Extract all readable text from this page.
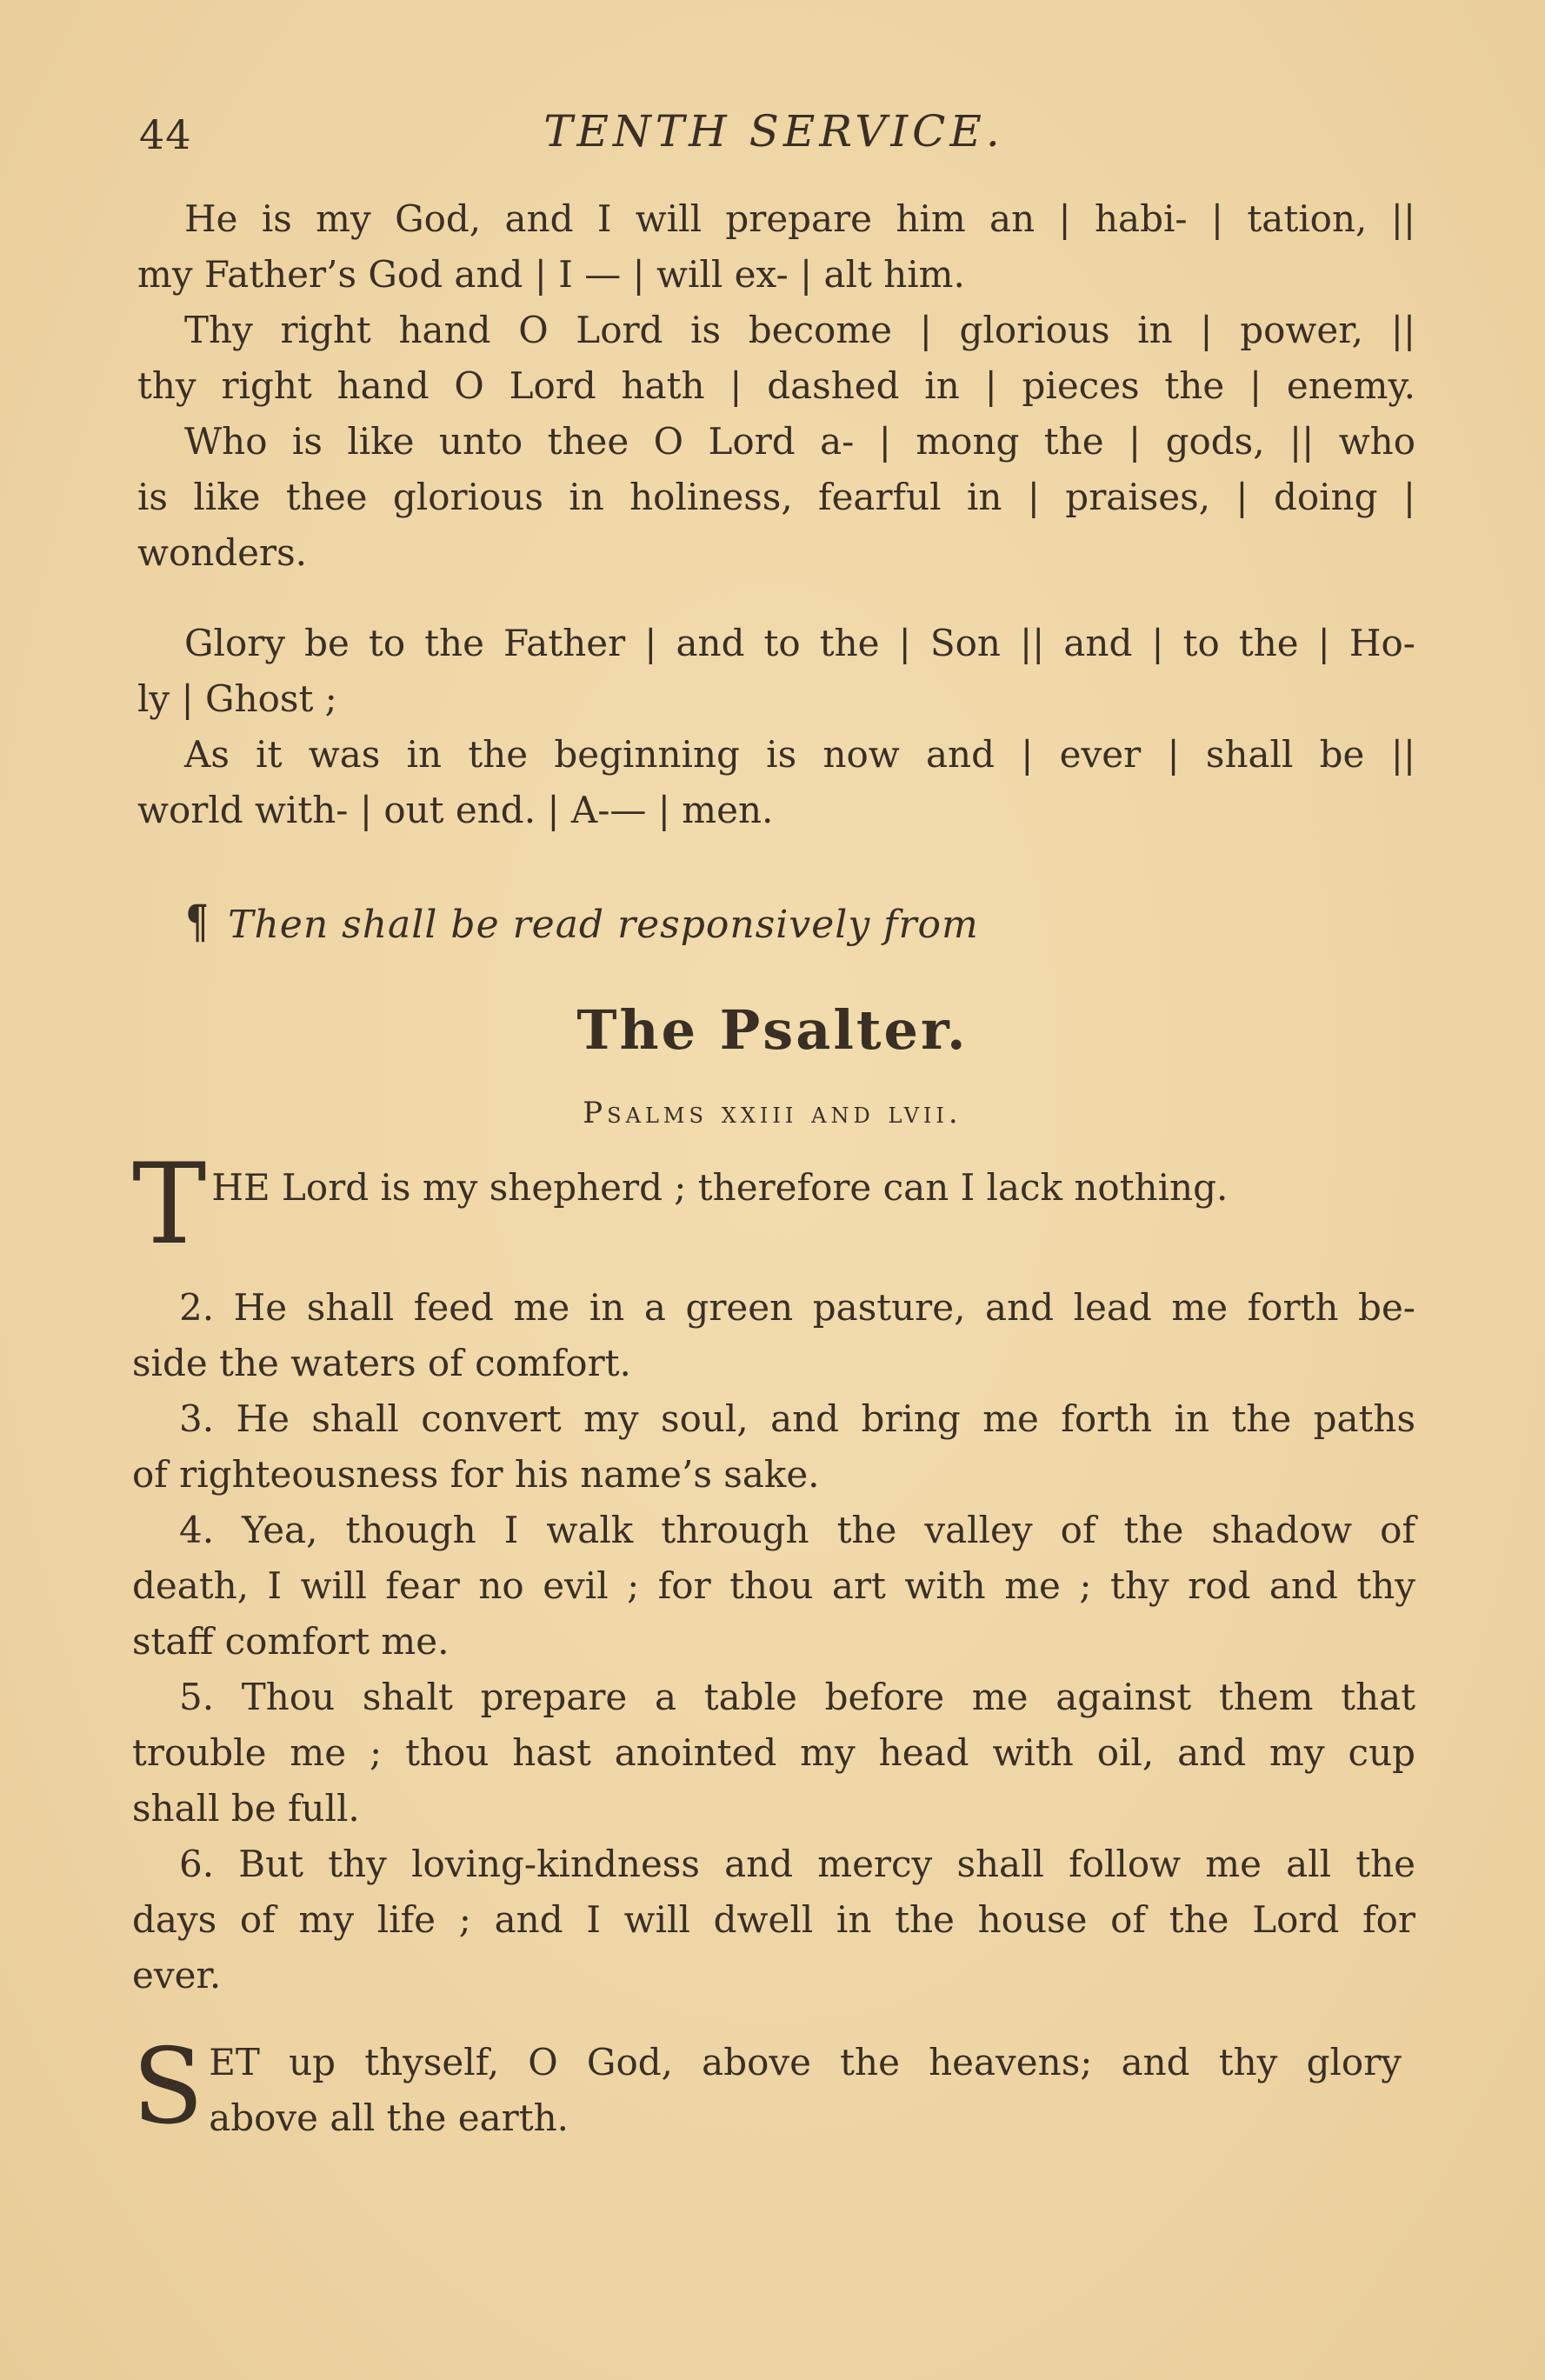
44	TENTH SERVICE.
He is my God, and I will prepare him an | habi- | tation, ||
my Father’s God and | I — | will ex- | alt him.
Thy right hand O Lord is become | glorious in | power, ||
thy right hand O Lord hath | dashed in | pieces the | enemy.
Who is like unto thee O Lord a- | mong the | gods, || who
is like thee glorious in holiness, fearful in | praises, | doing |
wonders.
Glory be to the Father | and to the | Son || and | to the | Ho-
ly | Ghost ;
As it was in the beginning is now and | ever | shall be ||
world with- | out end. | A-— | men.
¶ Then shall be read responsively from
The Psalter.
Psalms xxiii and lvii.
T HE Lord is my shepherd ; therefore can I lack nothing.
2. He shall feed me in a green pasture, and lead me forth be-
side the waters of comfort.
3. He shall convert my soul, and bring me forth in the paths
of righteousness for his name’s sake.
4. Yea, though I walk through the valley of the shadow of
death, I will fear no evil ; for thou art with me ; thy rod and thy
staff comfort me.
5. Thou shalt prepare a table before me against them that
trouble me ; thou hast anointed my head with oil, and my cup
shall be full.
6. But thy loving-kindness and mercy shall follow me all the
days of my life ; and I will dwell in the house of the Lord for
ever.
S ET up thyself, O God, above the heavens; and thy glory
above all the earth.
